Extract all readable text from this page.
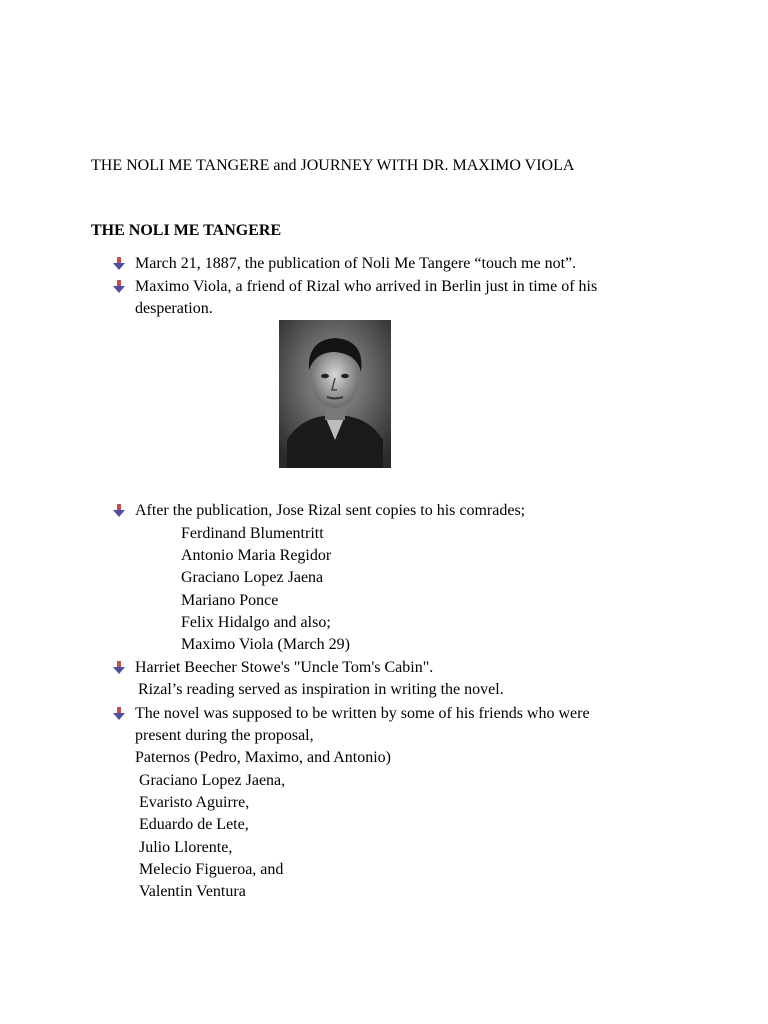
THE NOLI ME TANGERE and JOURNEY WITH DR. MAXIMO VIOLA
THE NOLI ME TANGERE
March 21, 1887, the publication of Noli Me Tangere “touch me not”.
Maximo Viola, a friend of Rizal who arrived in Berlin just in time of his
desperation.
After the publication, Jose Rizal sent copies to his comrades;
Ferdinand Blumentritt
Antonio Maria Regidor
Graciano Lopez Jaena
Mariano Ponce
Felix Hidalgo and also;
Maximo Viola (March 29)
Harriet Beecher Stowe's "Uncle Tom's Cabin".
Rizal’s reading served as inspiration in writing the novel.
The novel was supposed to be written by some of his friends who were
present during the proposal,
Paternos (Pedro, Maximo, and Antonio)
Graciano Lopez Jaena,
Evaristo Aguirre,
Eduardo de Lete,
Julio Llorente,
Melecio Figueroa, and
Valentin Ventura
